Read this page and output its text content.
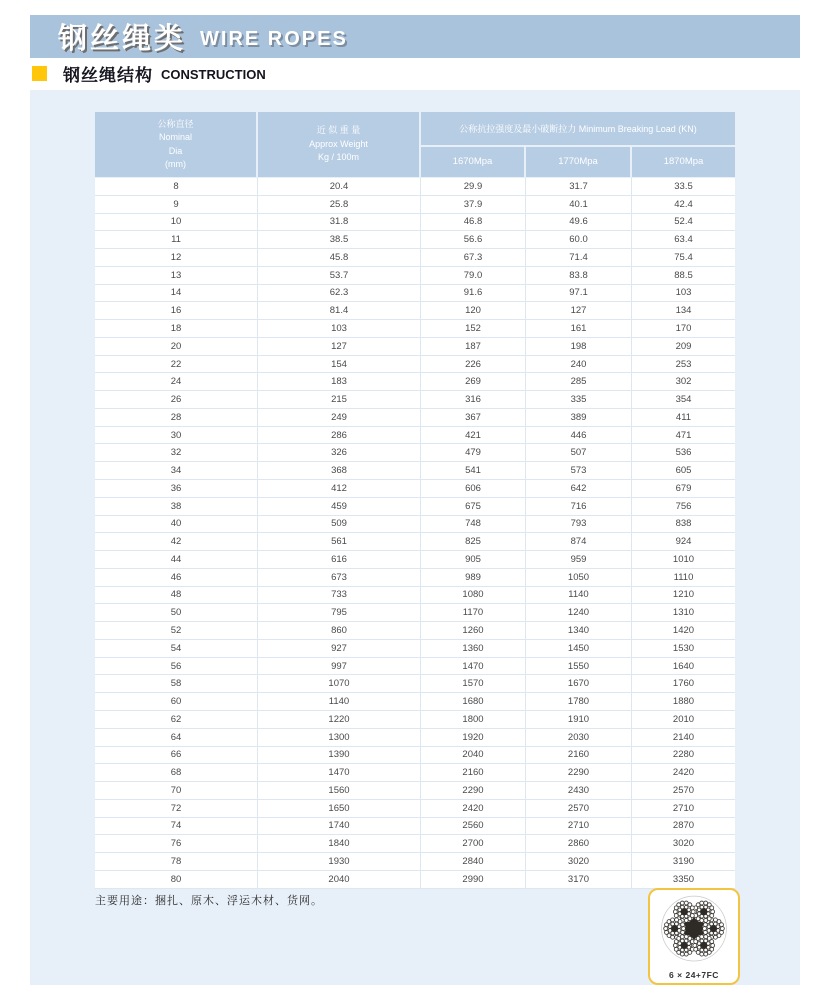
钢丝绳类 WIRE ROPES
钢丝绳结构 CONSTRUCTION
公称直径
Nominal
Dia
(mm)
近 似 重 量
Approx Weight
Kg / 100m
公称抗拉强度及最小破断拉力 Minimum Breaking Load (KN)
1670Mpa	1770Mpa	1870Mpa
8	20.4	29.9	31.7	33.5
9	25.8	37.9	40.1	42.4
10	31.8	46.8	49.6	52.4
11	38.5	56.6	60.0	63.4
12	45.8	67.3	71.4	75.4
13	53.7	79.0	83.8	88.5
14	62.3	91.6	97.1	103
16	81.4	120	127	134
18	103	152	161	170
20	127	187	198	209
22	154	226	240	253
24	183	269	285	302
26	215	316	335	354
28	249	367	389	411
30	286	421	446	471
32	326	479	507	536
34	368	541	573	605
36	412	606	642	679
38	459	675	716	756
40	509	748	793	838
42	561	825	874	924
44	616	905	959	1010
46	673	989	1050	1110
48	733	1080	1140	1210
50	795	1170	1240	1310
52	860	1260	1340	1420
54	927	1360	1450	1530
56	997	1470	1550	1640
58	1070	1570	1670	1760
60	1140	1680	1780	1880
62	1220	1800	1910	2010
64	1300	1920	2030	2140
66	1390	2040	2160	2280
68	1470	2160	2290	2420
70	1560	2290	2430	2570
72	1650	2420	2570	2710
74	1740	2560	2710	2870
76	1840	2700	2860	3020
78	1930	2840	3020	3190
80	2040	2990	3170	3350
主要用途：捆扎、原木、浮运木材、货网。
6 × 24+7FC
